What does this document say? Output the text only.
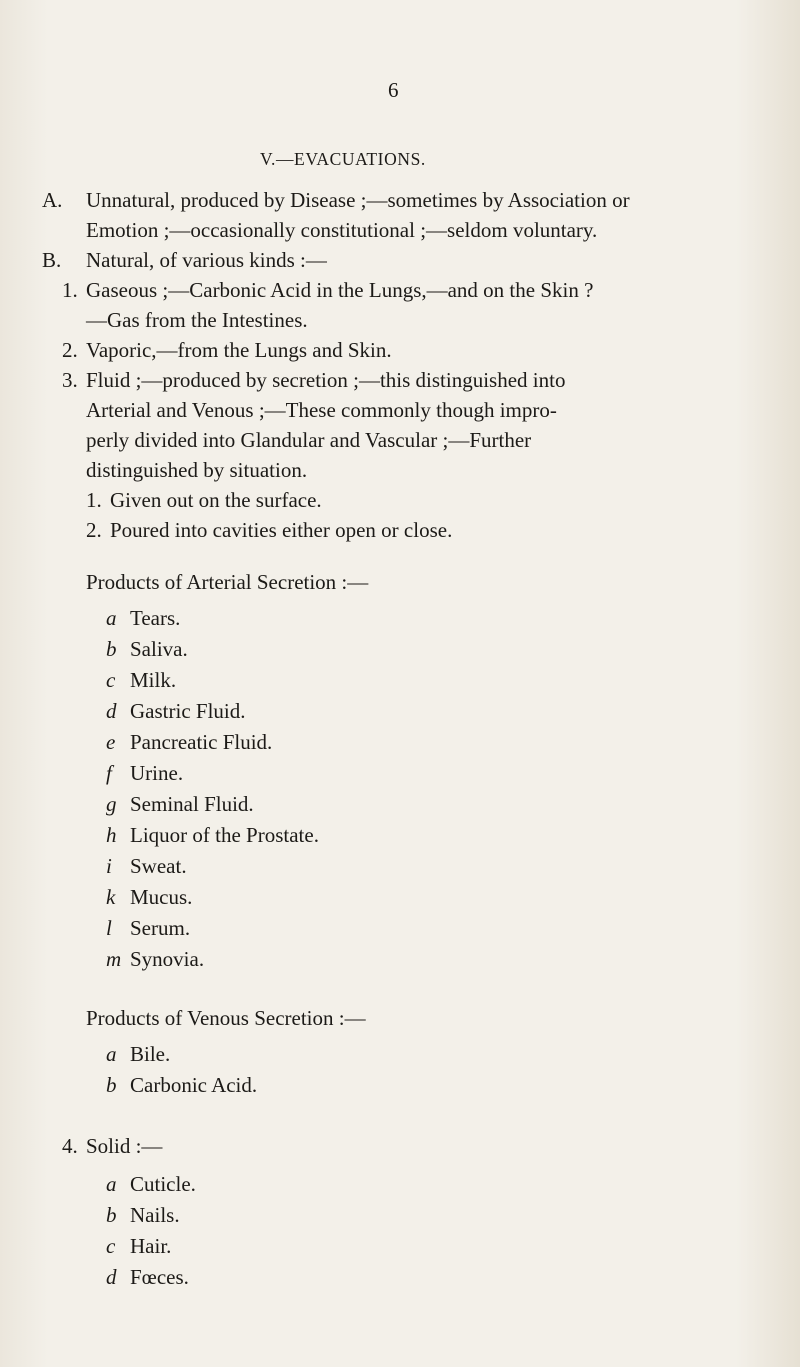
6
V.—EVACUATIONS.
A. Unnatural, produced by Disease ;—sometimes by Association or
Emotion ;—occasionally constitutional ;—seldom voluntary.
B. Natural, of various kinds :—
1. Gaseous ;—Carbonic Acid in the Lungs,—and on the Skin ?
—Gas from the Intestines.
2. Vaporic,—from the Lungs and Skin.
3. Fluid ;—produced by secretion ;—this distinguished into
Arterial and Venous ;—These commonly though impro-
perly divided into Glandular and Vascular ;—Further
distinguished by situation.
1. Given out on the surface.
2. Poured into cavities either open or close.
Products of Arterial Secretion :—
a Tears.
b Saliva.
c Milk.
d Gastric Fluid.
e Pancreatic Fluid.
f Urine.
g Seminal Fluid.
h Liquor of the Prostate.
i Sweat.
k Mucus.
l Serum.
m Synovia.
Products of Venous Secretion :—
a Bile.
b Carbonic Acid.
4. Solid :—
a Cuticle.
b Nails.
c Hair.
d Fœces.
